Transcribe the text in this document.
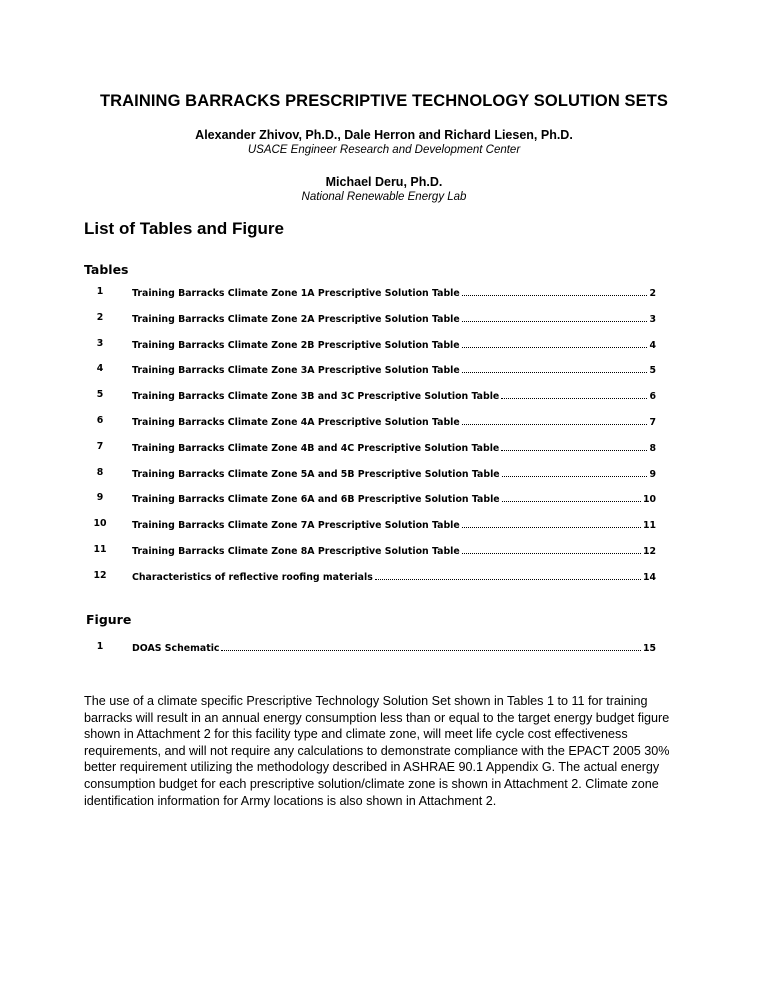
TRAINING BARRACKS PRESCRIPTIVE TECHNOLOGY SOLUTION SETS
Alexander Zhivov, Ph.D., Dale Herron and Richard Liesen, Ph.D.
USACE Engineer Research and Development Center
Michael Deru, Ph.D.
National Renewable Energy Lab
List of Tables and Figure
Tables
1	Training Barracks Climate Zone 1A Prescriptive Solution Table	2
2	Training Barracks Climate Zone 2A Prescriptive Solution Table	3
3	Training Barracks Climate Zone 2B Prescriptive Solution Table	4
4	Training Barracks Climate Zone 3A Prescriptive Solution Table	5
5	Training Barracks Climate Zone 3B and 3C Prescriptive Solution Table	6
6	Training Barracks Climate Zone 4A Prescriptive Solution Table	7
7	Training Barracks Climate Zone 4B and 4C Prescriptive Solution Table	8
8	Training Barracks Climate Zone 5A and 5B Prescriptive Solution Table	9
9	Training Barracks Climate Zone 6A and 6B Prescriptive Solution Table	10
10	Training Barracks Climate Zone 7A Prescriptive Solution Table	11
11	Training Barracks Climate Zone 8A Prescriptive Solution Table	12
12	Characteristics of reflective roofing materials	14
Figure
1	DOAS Schematic	15

The use of a climate specific Prescriptive Technology Solution Set shown in Tables 1 to 11 for training barracks will result in an annual energy consumption less than or equal to the target energy budget figure shown in Attachment 2 for this facility type and climate zone, will meet life cycle cost effectiveness requirements, and will not require any calculations to demonstrate compliance with the EPACT 2005 30% better requirement utilizing the methodology described in ASHRAE 90.1 Appendix G. The actual energy consumption budget for each prescriptive solution/climate zone is shown in Attachment 2. Climate zone identification information for Army locations is also shown in Attachment 2.
